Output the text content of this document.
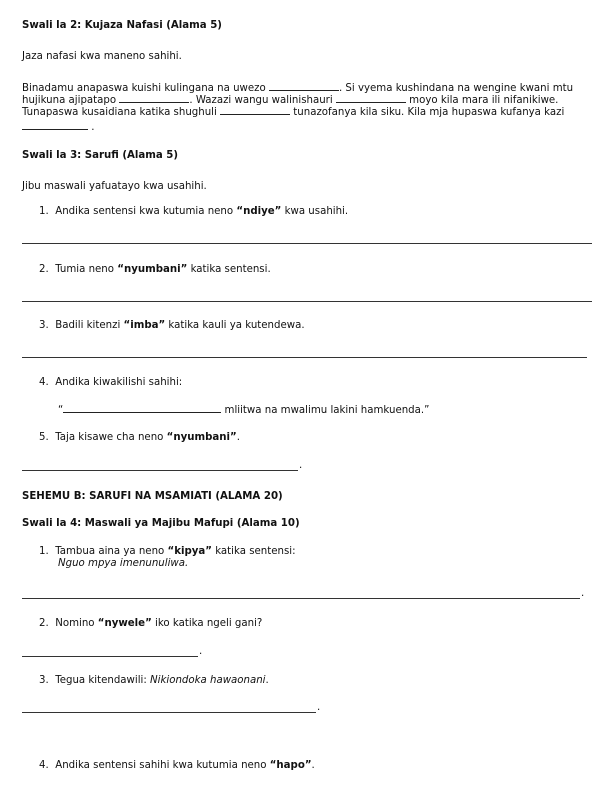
Swali la 2: Kujaza Nafasi (Alama 5)
Jaza nafasi kwa maneno sahihi.
Binadamu anapaswa kuishi kulingana na uwezo	. Si vyema kushindana na wengine kwani mtu
hujikuna ajipatapo	. Wazazi wangu walinishauri	moyo kila mara ili nifanikiwe.
Tunapaswa kusaidiana katika shughuli	tunazofanya kila siku. Kila mja hupaswa kufanya kazi
.
Swali la 3: Sarufi (Alama 5)
Jibu maswali yafuatayo kwa usahihi.
1. Andika sentensi kwa kutumia neno “ndiye” kwa usahihi.
2. Tumia neno “nyumbani” katika sentensi.
3. Badili kitenzi “imba” katika kauli ya kutendewa.
4. Andika kiwakilishi sahihi:
“	mliitwa na mwalimu lakini hamkuenda.”
5. Taja kisawe cha neno “nyumbani”.
.
SEHEMU B: SARUFI NA MSAMIATI (ALAMA 20)
Swali la 4: Maswali ya Majibu Mafupi (Alama 10)
1. Tambua aina ya neno “kipya” katika sentensi:
Nguo mpya imenunuliwa.
.
2. Nomino “nywele” iko katika ngeli gani?
.
3. Tegua kitendawili: Nikiondoka hawaonani.
.
4. Andika sentensi sahihi kwa kutumia neno “hapo”.
